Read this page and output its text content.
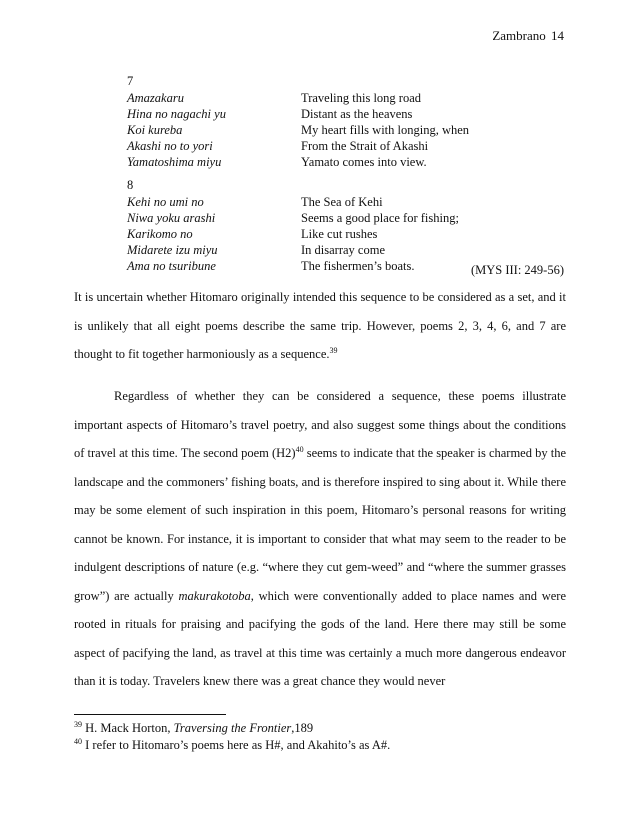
Zambrano 14
7
Amazakaru	Traveling this long road
Hina no nagachi yu	Distant as the heavens
Koi kureba	My heart fills with longing, when
Akashi no to yori	From the Strait of Akashi
Yamatoshima miyu	Yamato comes into view.
8
Kehi no umi no	The Sea of Kehi
Niwa yoku arashi	Seems a good place for fishing;
Karikomo no	Like cut rushes
Midarete izu miyu	In disarray come
Ama no tsuribune	The fishermen’s boats.	(MYS III: 249-56)

It is uncertain whether Hitomaro originally intended this sequence to be considered as a set, and it is unlikely that all eight poems describe the same trip. However, poems 2, 3, 4, 6, and 7 are thought to fit together harmoniously as a sequence.$^{39}$

Regardless of whether they can be considered a sequence, these poems illustrate important aspects of Hitomaro’s travel poetry, and also suggest some things about the conditions of travel at this time. The second poem $(H2)^{40}$ seems to indicate that the speaker is charmed by the landscape and the commoners’ fishing boats, and is therefore inspired to sing about it. While there may be some element of such inspiration in this poem, Hitomaro’s personal reasons for writing cannot be known. For instance, it is important to consider that what may seem to the reader to be indulgent descriptions of nature (e.g. “where they cut gem-weed” and “where the summer grasses grow”) are actually makurakotoba, which were conventionally added to place names and were rooted in rituals for praising and pacifying the gods of the land. Here there may still be some aspect of pacifying the land, as travel at this time was certainly a much more dangerous endeavor than it is today. Travelers knew there was a great chance they would never

$^{39}$ H. Mack Horton, Traversing the Frontier,189
$^{40}$ I refer to Hitomaro’s poems here as H#, and Akahito’s as A#.
